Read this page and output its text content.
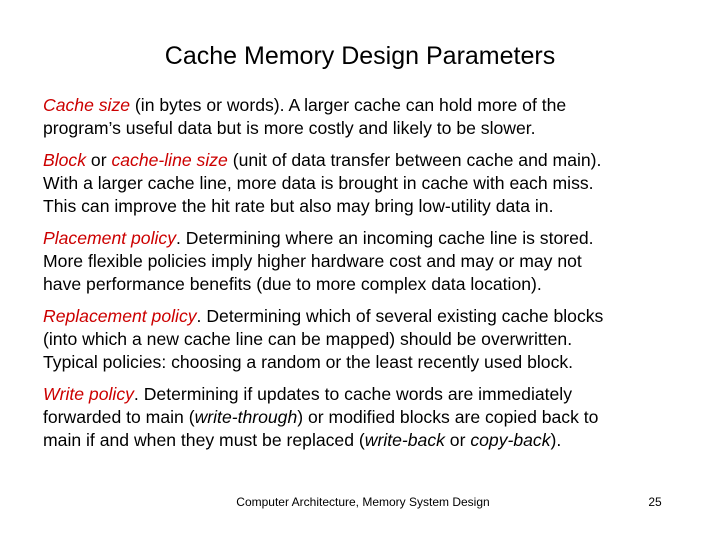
Cache Memory Design Parameters
Cache size (in bytes or words). A larger cache can hold more of the
program’s useful data but is more costly and likely to be slower.
Block or cache-line size (unit of data transfer between cache and main).
With a larger cache line, more data is brought in cache with each miss.
This can improve the hit rate but also may bring low-utility data in.
Placement policy. Determining where an incoming cache line is stored.
More flexible policies imply higher hardware cost and may or may not
have performance benefits (due to more complex data location).
Replacement policy. Determining which of several existing cache blocks
(into which a new cache line can be mapped) should be overwritten.
Typical policies: choosing a random or the least recently used block.
Write policy. Determining if updates to cache words are immediately
forwarded to main (write-through) or modified blocks are copied back to
main if and when they must be replaced (write-back or copy-back).
Computer Architecture, Memory System Design	25
